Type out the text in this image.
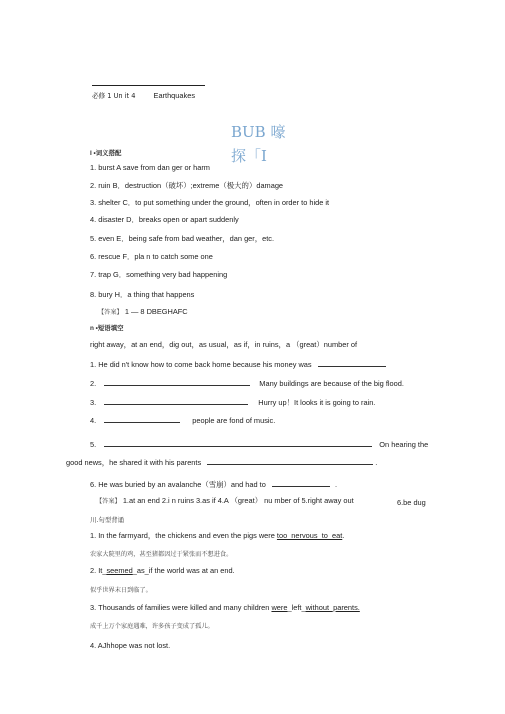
必修 1 Un it 4 Earthquakes
BUB 嚎
探「I
I •词义搭配
1. burst A save from dan ger or harm
2. ruin B．destruction（破坏）;extreme（极大的）damage
3. shelter C．to put something under the ground，often in order to hide it
4. disaster D．breaks open or apart suddenly
5. even E．being safe from bad weather，dan ger，etc.
6. rescue F．pla n to catch some one
7. trap G．something very bad happening
8. bury H．a thing that happens
【答案】 1 — 8 DBEGHAFC
n •短语填空
right away，at an end，dig out，as usual，as if，in ruins，a （great）number of
1. He did n't know how to come back home because his money was
2.	Many buildings are because of the big flood.
3.	Hurry up！It looks it is going to rain.
4.	people are fond of music.
5.	On hearing the
good news，he shared it with his parents	.
6. He was buried by an avalanche（雪崩）and had to	.
【答案】 1.at an end 2.i n ruins 3.as if 4.A （great） nu mber of 5.right away out	6.be dug
川.句型背诵
1. In the farmyard，the chickens and even the pigs were too_nervous_to_eat.
农家大院里的鸡，甚至猪都因过于紧张而不想进食。
2. It_seemed_as_if the world was at an end.
似乎世界末日到临了。
3. Thousands of families were killed and many children were_left_without_parents.
成千上万个家庭遇难，许多孩子变成了孤儿。
4. AJhhope was not lost.
